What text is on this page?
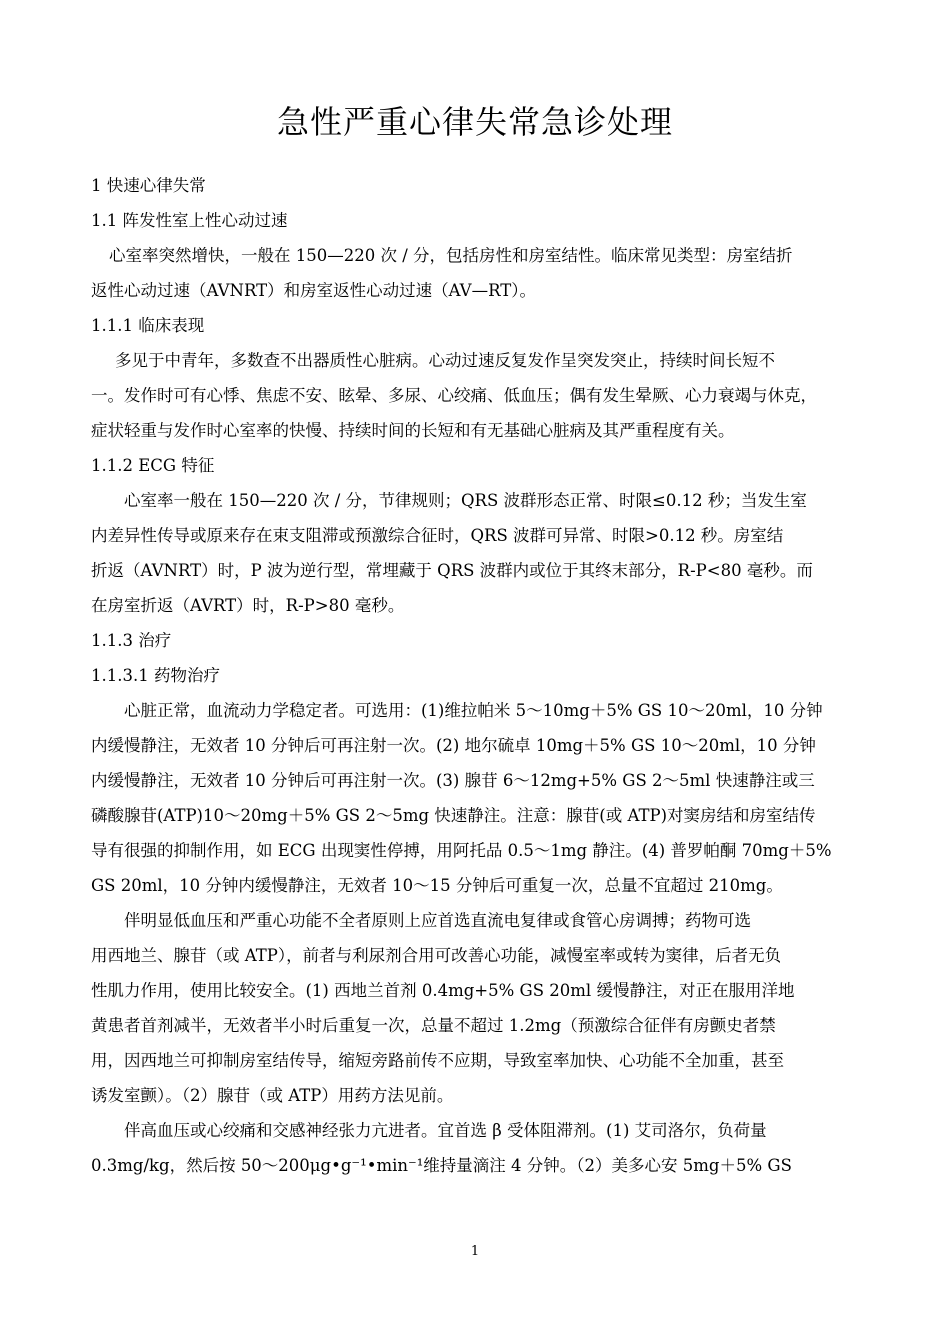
急性严重心律失常急诊处理
1 快速心律失常
1.1 阵发性室上性心动过速
心室率突然增快，一般在 150—220 次 / 分，包括房性和房室结性。临床常见类型：房室结折
返性心动过速（AVNRT）和房室返性心动过速（AV—RT）。
1.1.1 临床表现
多见于中青年，多数查不出器质性心脏病。心动过速反复发作呈突发突止，持续时间长短不
一。发作时可有心悸、焦虑不安、眩晕、多尿、心绞痛、低血压；偶有发生晕厥、心力衰竭与休克，
症状轻重与发作时心室率的快慢、持续时间的长短和有无基础心脏病及其严重程度有关。
1.1.2 ECG 特征
心室率一般在 150—220 次 / 分，节律规则；QRS 波群形态正常、时限≤0.12 秒；当发生室
内差异性传导或原来存在束支阻滞或预激综合征时，QRS 波群可异常、时限>0.12 秒。房室结
折返（AVNRT）时，P 波为逆行型，常埋藏于 QRS 波群内或位于其终末部分，R-P<80 毫秒。而
在房室折返（AVRT）时，R-P>80 毫秒。
1.1.3 治疗
1.1.3.1 药物治疗
心脏正常，血流动力学稳定者。可选用：(1)维拉帕米 5～10mg＋5% GS 10～20ml，10 分钟
内缓慢静注，无效者 10 分钟后可再注射一次。(2) 地尔硫卓 10mg＋5% GS 10～20ml，10 分钟
内缓慢静注，无效者 10 分钟后可再注射一次。(3) 腺苷 6～12mg+5% GS 2～5ml 快速静注或三
磷酸腺苷(ATP)10～20mg＋5% GS 2～5mg 快速静注。注意：腺苷(或 ATP)对窦房结和房室结传
导有很强的抑制作用，如 ECG 出现窦性停搏，用阿托品 0.5～1mg 静注。(4) 普罗帕酮 70mg＋5%
GS 20ml，10 分钟内缓慢静注，无效者 10～15 分钟后可重复一次，总量不宜超过 210mg。
伴明显低血压和严重心功能不全者原则上应首选直流电复律或食管心房调搏；药物可选
用西地兰、腺苷（或 ATP），前者与利尿剂合用可改善心功能，减慢室率或转为窦律，后者无负
性肌力作用，使用比较安全。(1) 西地兰首剂 0.4mg+5% GS 20ml 缓慢静注，对正在服用洋地
黄患者首剂减半，无效者半小时后重复一次，总量不超过 1.2mg（预激综合征伴有房颤史者禁
用，因西地兰可抑制房室结传导，缩短旁路前传不应期，导致室率加快、心功能不全加重，甚至
诱发室颤）。（2）腺苷（或 ATP）用药方法见前。
伴高血压或心绞痛和交感神经张力亢进者。宜首选 β 受体阻滞剂。(1) 艾司洛尔，负荷量
0.3mg/kg，然后按 50～200μg•g⁻¹•min⁻¹维持量滴注 4 分钟。（2）美多心安 5mg＋5% GS
1
